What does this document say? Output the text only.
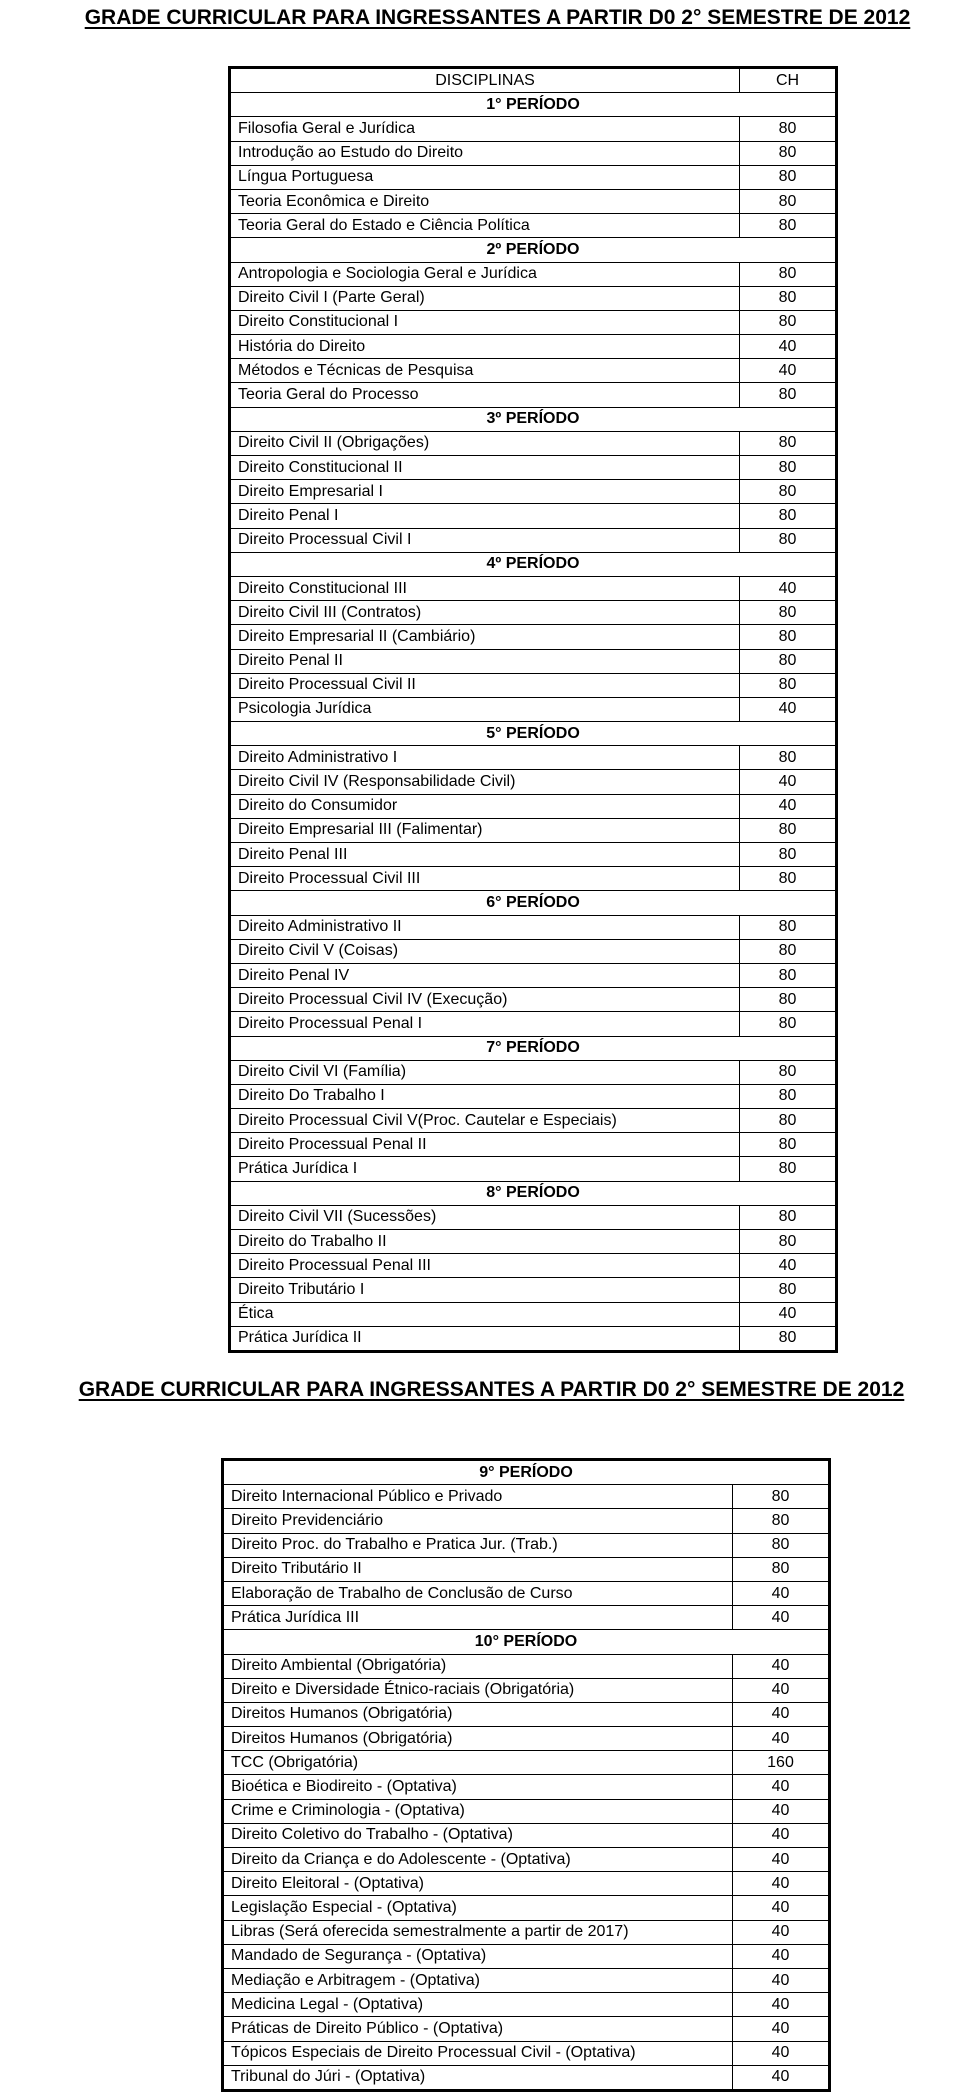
GRADE CURRICULAR PARA INGRESSANTES A PARTIR D0 2° SEMESTRE DE 2012
DISCIPLINAS	CH
1° PERÍODO	
Filosofia Geral e Jurídica	80
Introdução ao Estudo do Direito	80
Língua Portuguesa	80
Teoria Econômica e Direito	80
Teoria Geral do Estado e Ciência Política	80
2º PERÍODO	
Antropologia e Sociologia Geral e Jurídica	80
Direito Civil I (Parte Geral)	80
Direito Constitucional I	80
História do Direito	40
Métodos e Técnicas de Pesquisa	40
Teoria Geral do Processo	80
3º PERÍODO	
Direito Civil II (Obrigações)	80
Direito Constitucional II	80
Direito Empresarial I	80
Direito Penal I	80
Direito Processual Civil I	80
4º PERÍODO	
Direito Constitucional III	40
Direito Civil III (Contratos)	80
Direito Empresarial II (Cambiário)	80
Direito Penal II	80
Direito Processual Civil II	80
Psicologia Jurídica	40
5° PERÍODO	
Direito Administrativo I	80
Direito Civil IV (Responsabilidade Civil)	40
Direito do Consumidor	40
Direito Empresarial III (Falimentar)	80
Direito Penal III	80
Direito Processual Civil III	80
6° PERÍODO	
Direito Administrativo II	80
Direito Civil V (Coisas)	80
Direito Penal IV	80
Direito Processual Civil IV (Execução)	80
Direito Processual Penal I	80
7° PERÍODO	
Direito Civil VI (Família)	80
Direito Do Trabalho I	80
Direito Processual Civil V(Proc. Cautelar e Especiais)	80
Direito Processual Penal II	80
Prática Jurídica I	80
8° PERÍODO	
Direito Civil VII (Sucessões)	80
Direito do Trabalho II	80
Direito Processual Penal III	40
Direito Tributário I	80
Ética	40
Prática Jurídica II	80
GRADE CURRICULAR PARA INGRESSANTES A PARTIR D0 2° SEMESTRE DE 2012
9° PERÍODO	
Direito Internacional Público e Privado	80
Direito Previdenciário	80
Direito Proc. do Trabalho e Pratica Jur. (Trab.)	80
Direito Tributário II	80
Elaboração de Trabalho de Conclusão de Curso	40
Prática Jurídica III	40
10° PERÍODO	
Direito Ambiental (Obrigatória)	40
Direito e Diversidade Étnico-raciais (Obrigatória)	40
Direitos Humanos (Obrigatória)	40
Direitos Humanos (Obrigatória)	40
TCC (Obrigatória)	160
Bioética e Biodireito - (Optativa)	40
Crime e Criminologia - (Optativa)	40
Direito Coletivo do Trabalho - (Optativa)	40
Direito da Criança e do Adolescente - (Optativa)	40
Direito Eleitoral - (Optativa)	40
Legislação Especial - (Optativa)	40
Libras (Será oferecida semestralmente a partir de 2017)	40
Mandado de Segurança - (Optativa)	40
Mediação e Arbitragem - (Optativa)	40
Medicina Legal - (Optativa)	40
Práticas de Direito Público - (Optativa)	40
Tópicos Especiais de Direito Processual Civil - (Optativa)	40
Tribunal do Júri - (Optativa)	40
